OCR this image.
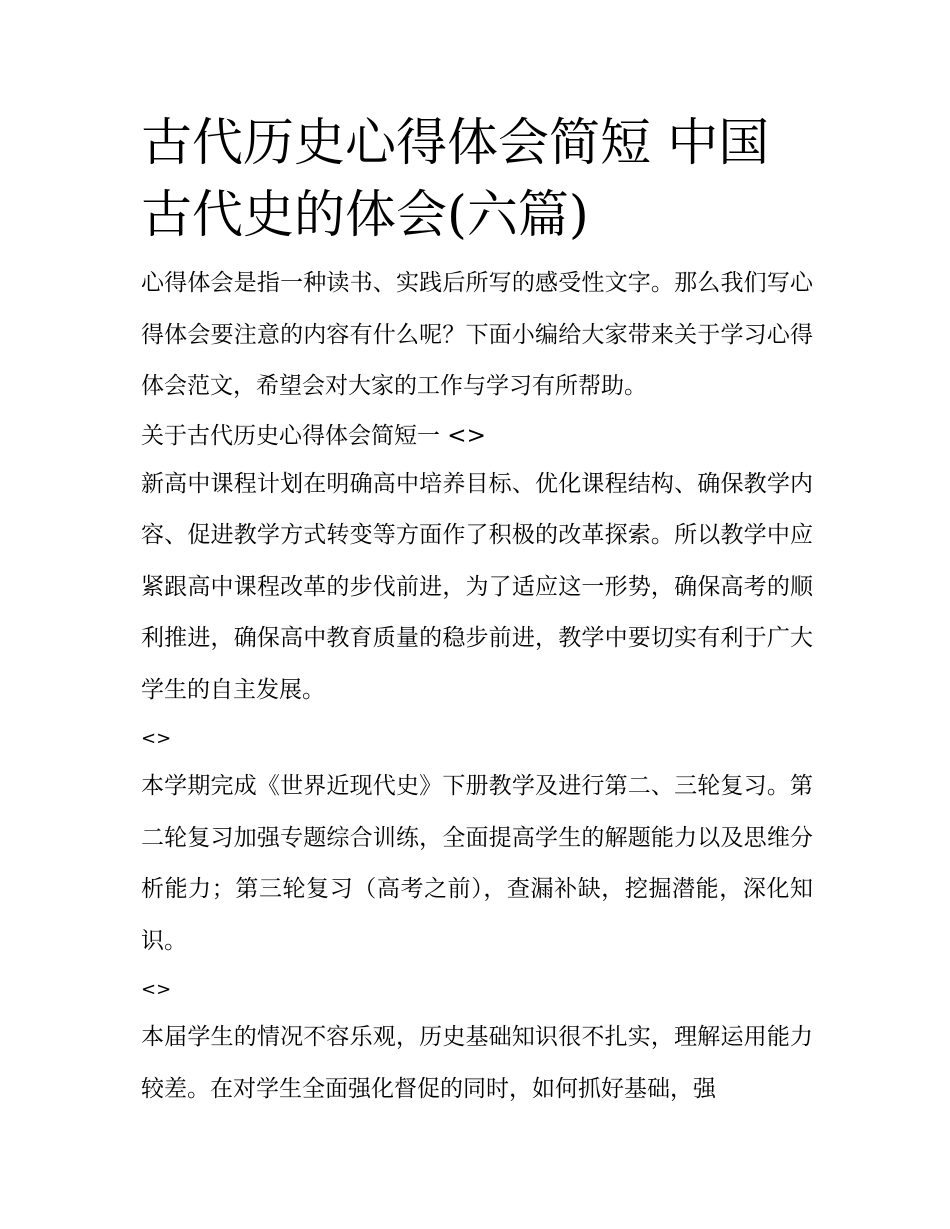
古代历史心得体会简短 中国古代史的体会(六篇)

心得体会是指一种读书、实践后所写的感受性文字。那么我们写心得体会要注意的内容有什么呢？下面小编给大家带来关于学习心得体会范文，希望会对大家的工作与学习有所帮助。

关于古代历史心得体会简短一 <>

新高中课程计划在明确高中培养目标、优化课程结构、确保教学内容、促进教学方式转变等方面作了积极的改革探索。所以教学中应紧跟高中课程改革的步伐前进，为了适应这一形势，确保高考的顺利推进，确保高中教育质量的稳步前进，教学中要切实有利于广大学生的自主发展。

<>

本学期完成《世界近现代史》下册教学及进行第二、三轮复习。第二轮复习加强专题综合训练，全面提高学生的解题能力以及思维分析能力；第三轮复习（高考之前），查漏补缺，挖掘潜能，深化知识。

<>

本届学生的情况不容乐观，历史基础知识很不扎实，理解运用能力较差。在对学生全面强化督促的同时，如何抓好基础，强
